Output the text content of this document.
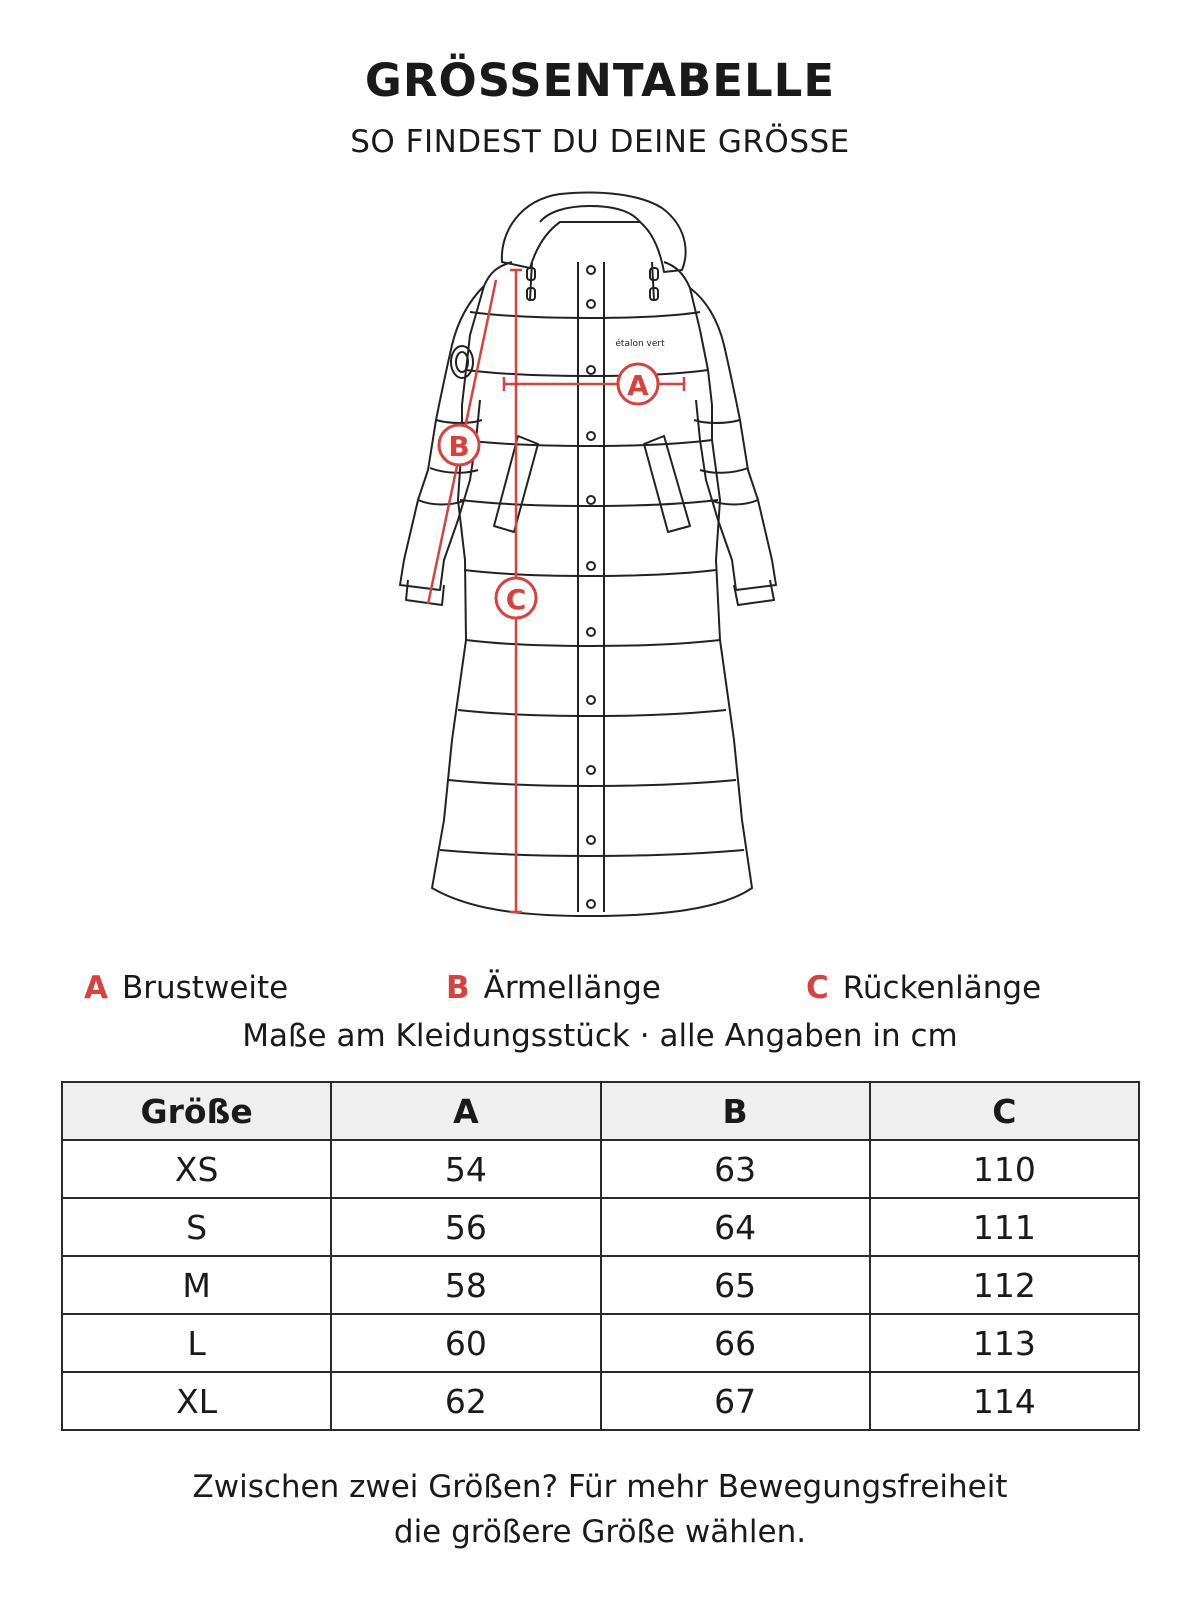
GRÖSSENTABELLE
SO FINDEST DU DEINE GRÖSSE
étalon vert
A
B
C
A Brustweite	B Ärmellänge	C Rückenlänge
Maße am Kleidungsstück · alle Angaben in cm
Größe	A	B	C
XS	54	63	110
S	56	64	111
M	58	65	112
L	60	66	113
XL	62	67	114
Zwischen zwei Größen? Für mehr Bewegungsfreiheit
die größere Größe wählen.
